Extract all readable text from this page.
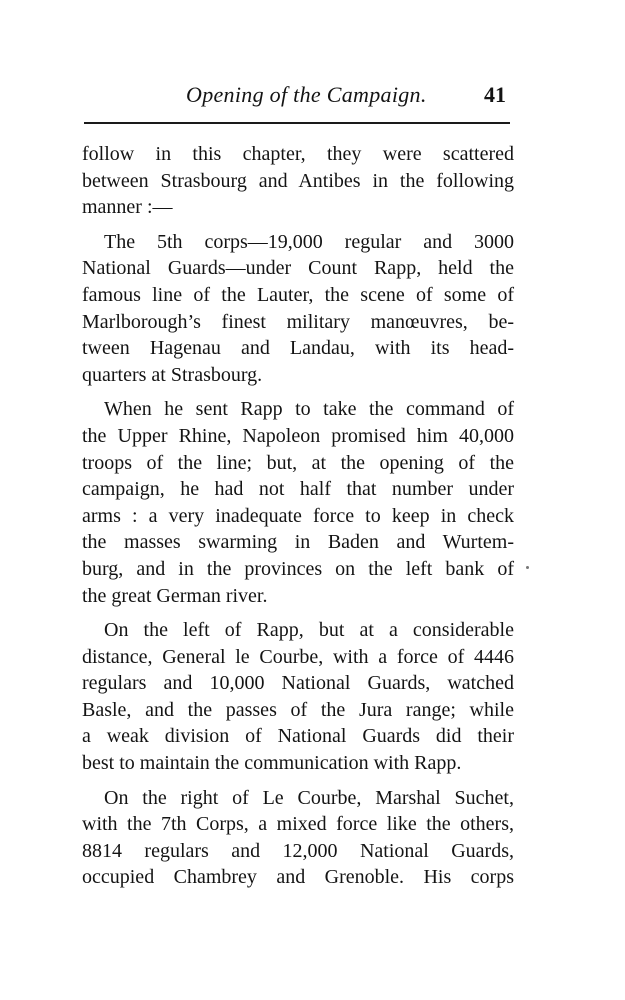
Opening of the Campaign.	41
follow in this chapter, they were scattered
between Strasbourg and Antibes in the following
manner :—
The 5th corps—19,000 regular and 3000
National Guards—under Count Rapp, held the
famous line of the Lauter, the scene of some of
Marlborough’s finest military manœuvres, be-
tween Hagenau and Landau, with its head-
quarters at Strasbourg.
When he sent Rapp to take the command of
the Upper Rhine, Napoleon promised him 40,000
troops of the line; but, at the opening of the
campaign, he had not half that number under
arms : a very inadequate force to keep in check
the masses swarming in Baden and Wurtem-
burg, and in the provinces on the left bank of
the great German river.
On the left of Rapp, but at a considerable
distance, General le Courbe, with a force of 4446
regulars and 10,000 National Guards, watched
Basle, and the passes of the Jura range; while
a weak division of National Guards did their
best to maintain the communication with Rapp.
On the right of Le Courbe, Marshal Suchet,
with the 7th Corps, a mixed force like the others,
8814 regulars and 12,000 National Guards,
occupied Chambrey and Grenoble. His corps
